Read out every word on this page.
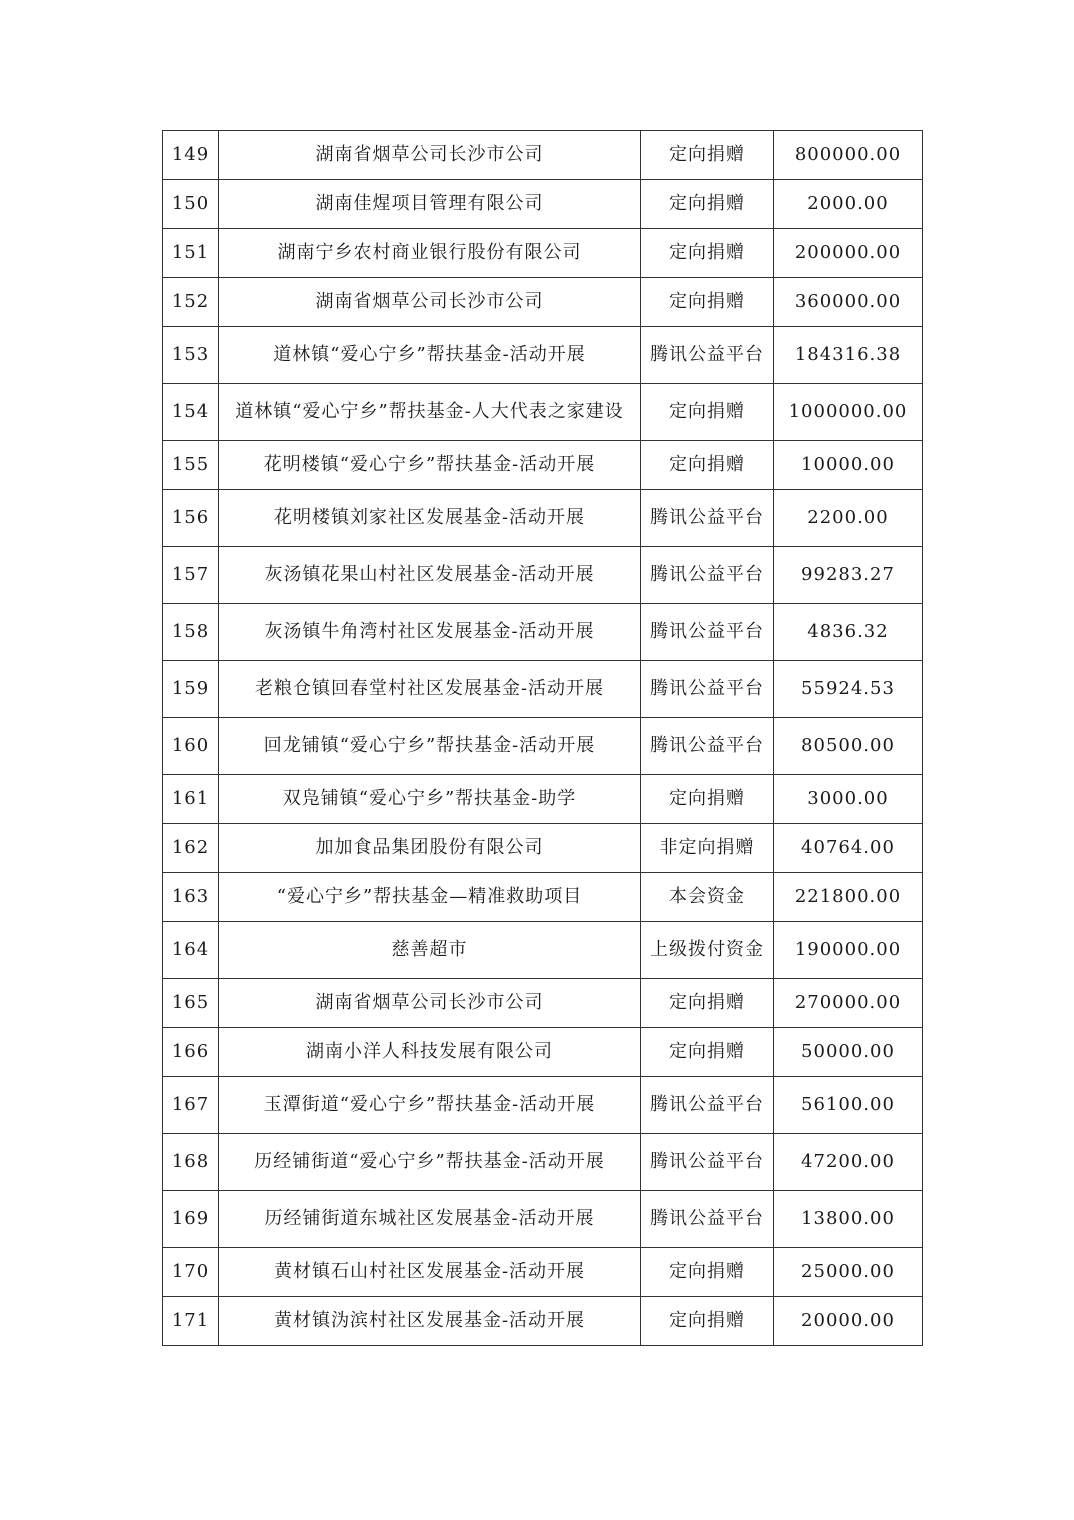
149	湖南省烟草公司长沙市公司	定向捐赠	800000.00
150	湖南佳煋项目管理有限公司	定向捐赠	2000.00
151	湖南宁乡农村商业银行股份有限公司	定向捐赠	200000.00
152	湖南省烟草公司长沙市公司	定向捐赠	360000.00
153	道林镇“爱心宁乡”帮扶基金-活动开展	腾讯公益平台	184316.38
154	道林镇“爱心宁乡”帮扶基金-人大代表之家建设	定向捐赠	1000000.00
155	花明楼镇“爱心宁乡”帮扶基金-活动开展	定向捐赠	10000.00
156	花明楼镇刘家社区发展基金-活动开展	腾讯公益平台	2200.00
157	灰汤镇花果山村社区发展基金-活动开展	腾讯公益平台	99283.27
158	灰汤镇牛角湾村社区发展基金-活动开展	腾讯公益平台	4836.32
159	老粮仓镇回春堂村社区发展基金-活动开展	腾讯公益平台	55924.53
160	回龙铺镇“爱心宁乡”帮扶基金-活动开展	腾讯公益平台	80500.00
161	双凫铺镇“爱心宁乡”帮扶基金-助学	定向捐赠	3000.00
162	加加食品集团股份有限公司	非定向捐赠	40764.00
163	“爱心宁乡”帮扶基金—精准救助项目	本会资金	221800.00
164	慈善超市	上级拨付资金	190000.00
165	湖南省烟草公司长沙市公司	定向捐赠	270000.00
166	湖南小洋人科技发展有限公司	定向捐赠	50000.00
167	玉潭街道“爱心宁乡”帮扶基金-活动开展	腾讯公益平台	56100.00
168	历经铺街道“爱心宁乡”帮扶基金-活动开展	腾讯公益平台	47200.00
169	历经铺街道东城社区发展基金-活动开展	腾讯公益平台	13800.00
170	黄材镇石山村社区发展基金-活动开展	定向捐赠	25000.00
171	黄材镇沩滨村社区发展基金-活动开展	定向捐赠	20000.00
